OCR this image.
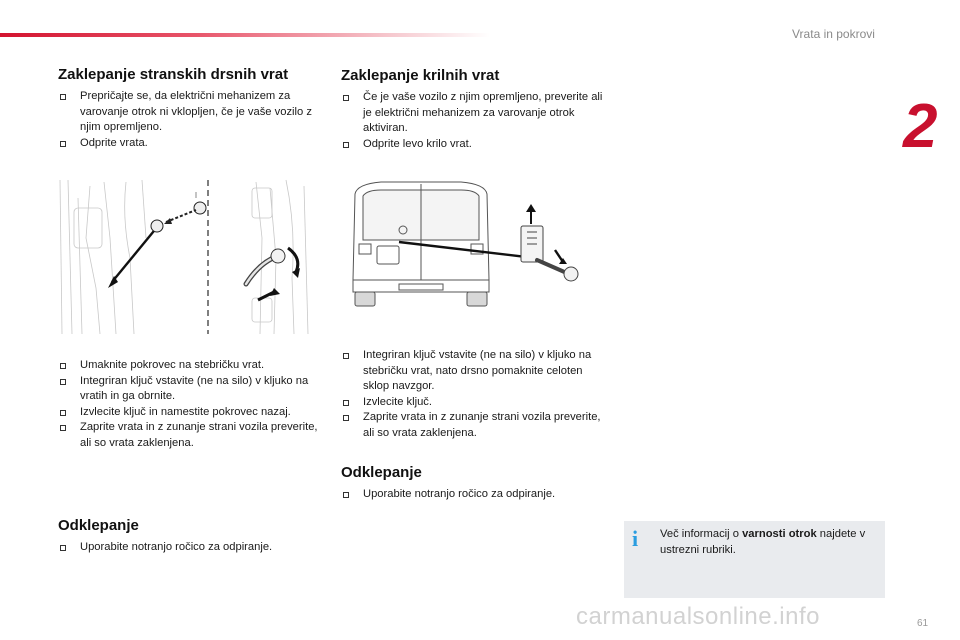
Vrata in pokrovi
2
Zaklepanje stranskih drsnih vrat
Prepričajte se, da električni mehanizem za varovanje otrok ni vklopljen, če je vaše vozilo z njim opremljeno.
Odprite vrata.
Umaknite pokrovec na stebričku vrat.
Integriran ključ vstavite (ne na silo) v kljuko na vratih in ga obrnite.
Izvlecite ključ in namestite pokrovec nazaj.
Zaprite vrata in z zunanje strani vozila preverite, ali so vrata zaklenjena.
Odklepanje
Uporabite notranjo ročico za odpiranje.
Zaklepanje krilnih vrat
Če je vaše vozilo z njim opremljeno, preverite ali je električni mehanizem za varovanje otrok aktiviran.
Odprite levo krilo vrat.
Integriran ključ vstavite (ne na silo) v kljuko na stebričku vrat, nato drsno pomaknite celoten sklop navzgor.
Izvlecite ključ.
Zaprite vrata in z zunanje strani vozila preverite, ali so vrata zaklenjena.
Odklepanje
Uporabite notranjo ročico za odpiranje.
i	Več informacij o varnosti otrok najdete v ustrezni rubriki.
61
carmanualsonline.info
